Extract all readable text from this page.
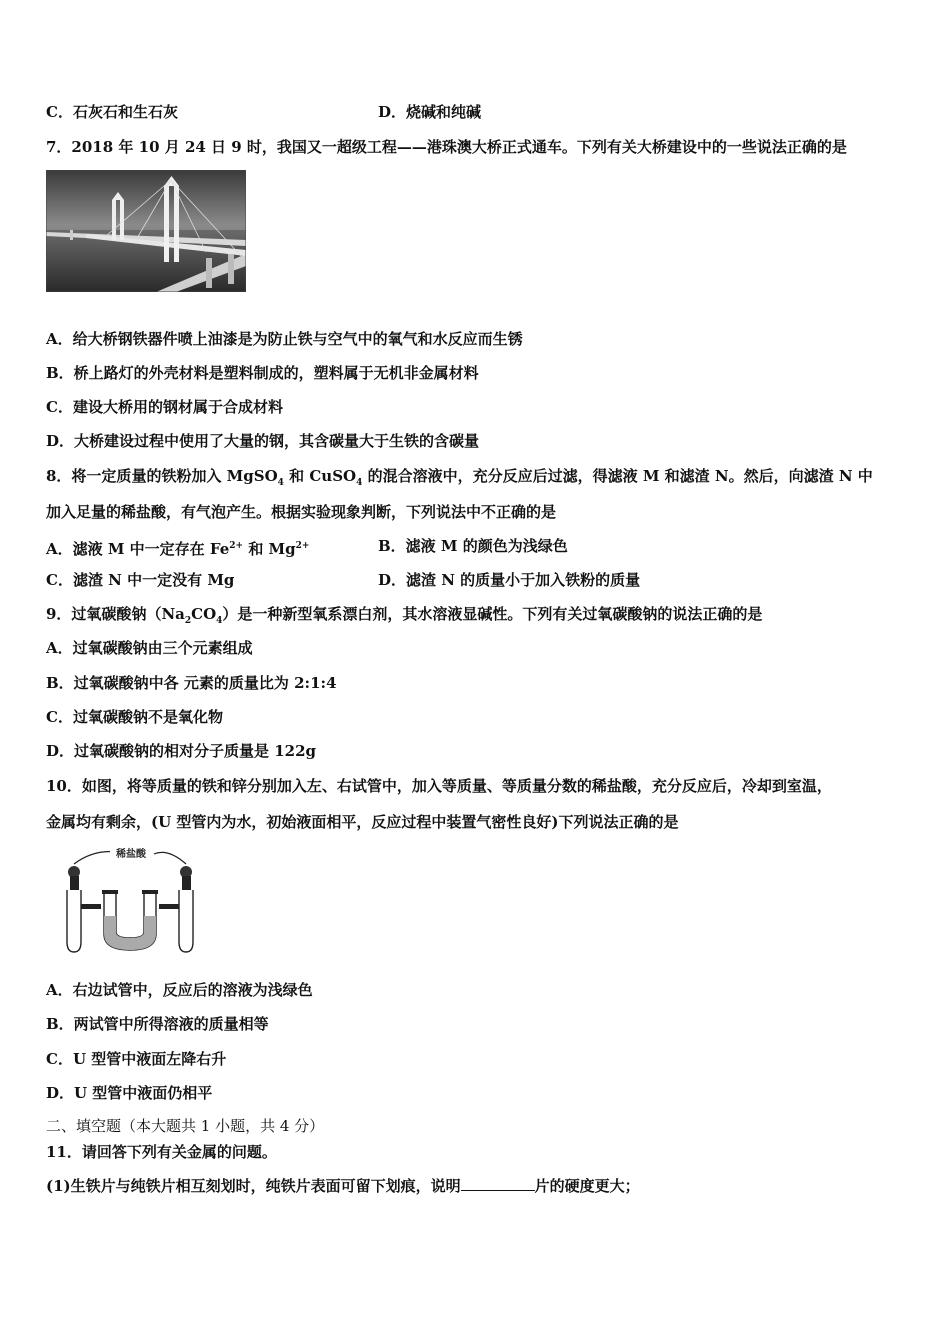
C．石灰石和生石灰	D．烧碱和纯碱
7．2018 年 10 月 24 日 9 时，我国又一超级工程——港珠澳大桥正式通车。下列有关大桥建设中的一些说法正确的是
A．给大桥钢铁器件喷上油漆是为防止铁与空气中的氧气和水反应而生锈
B．桥上路灯的外壳材料是塑料制成的，塑料属于无机非金属材料
C．建设大桥用的钢材属于合成材料
D．大桥建设过程中使用了大量的钢，其含碳量大于生铁的含碳量
8．将一定质量的铁粉加入 MgSO$_4$ 和 CuSO$_4$ 的混合溶液中，充分反应后过滤，得滤液 M 和滤渣 N。然后，向滤渣 N 中
加入足量的稀盐酸，有气泡产生。根据实验现象判断，下列说法中不正确的是
A．滤液 M 中一定存在 $Fe^{2+}$ 和 $Mg^{2+}$	B．滤液 M 的颜色为浅绿色
C．滤渣 N 中一定没有 Mg	D．滤渣 N 的质量小于加入铁粉的质量
9．过氧碳酸钠$(Na_2CO_4)$是一种新型氧系漂白剂，其水溶液显碱性。下列有关过氧碳酸钠的说法正确的是
A．过氧碳酸钠由三个元素组成
B．过氧碳酸钠中各 元素的质量比为 2:1:4
C．过氧碳酸钠不是氧化物
D．过氧碳酸钠的相对分子质量是 122g
10．如图，将等质量的铁和锌分别加入左、右试管中，加入等质量、等质量分数的稀盐酸，充分反应后，冷却到室温，
金属均有剩余，(U 型管内为水，初始液面相平，反应过程中装置气密性良好)下列说法正确的是
稀盐酸
A．右边试管中，反应后的溶液为浅绿色
B．两试管中所得溶液的质量相等
C．U 型管中液面左降右升
D．U 型管中液面仍相平
二、填空题（本大题共 1 小题，共 4 分）
11．请回答下列有关金属的问题。
(1)生铁片与纯铁片相互刻划时，纯铁片表面可留下划痕，说明	片的硬度更大；
